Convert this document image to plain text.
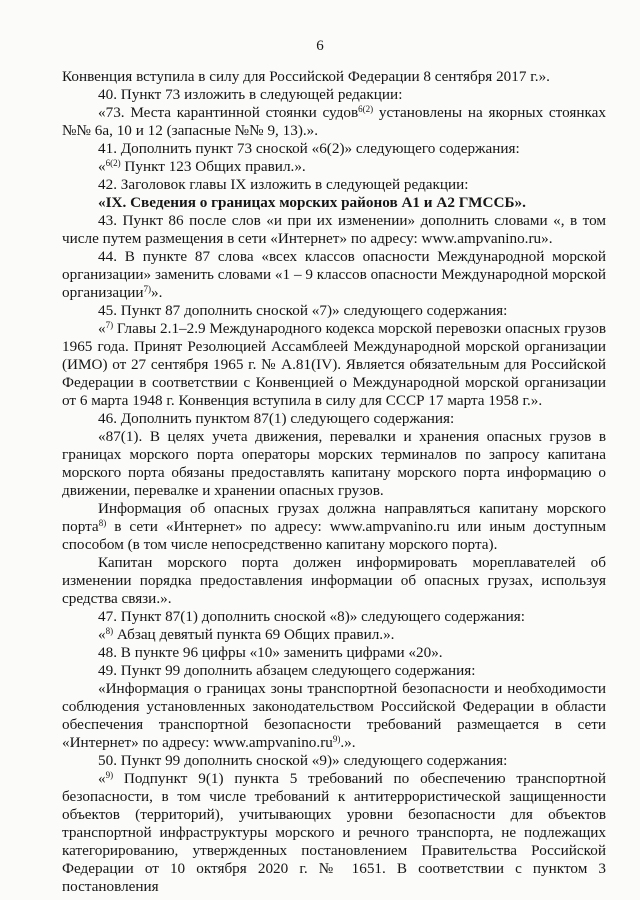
6

Конвенция вступила в силу для Российской Федерации 8 сентября 2017 г.».

40. Пункт 73 изложить в следующей редакции:

«73. Места карантинной стоянки судов$^{6(2)}$ установлены на якорных стоянках №№ 6а, 10 и 12 (запасные №№ 9, 13).».

41. Дополнить пункт 73 сноской «6(2)» следующего содержания:

«$^{6(2)}$ Пункт 123 Общих правил.».

42. Заголовок главы IX изложить в следующей редакции:

«IX. Сведения о границах морских районов А1 и А2 ГМССБ».

43. Пункт 86 после слов «и при их изменении» дополнить словами «, в том числе путем размещения в сети «Интернет» по адресу: www.ampvanino.ru».

44. В пункте 87 слова «всех классов опасности Международной морской организации» заменить словами «1 – 9 классов опасности Международной морской организации$^{7)}$».

45. Пункт 87 дополнить сноской «7)» следующего содержания:

«$^{7)}$ Главы 2.1–2.9 Международного кодекса морской перевозки опасных грузов 1965 года. Принят Резолюцией Ассамблеей Международной морской организации (ИМО) от 27 сентября 1965 г. № А.81(IV). Является обязательным для Российской Федерации в соответствии с Конвенцией о Международной морской организации от 6 марта 1948 г. Конвенция вступила в силу для СССР 17 марта 1958 г.».

46. Дополнить пунктом 87(1) следующего содержания:

«87(1). В целях учета движения, перевалки и хранения опасных грузов в границах морского порта операторы морских терминалов по запросу капитана морского порта обязаны предоставлять капитану морского порта информацию о движении, перевалке и хранении опасных грузов.

Информация об опасных грузах должна направляться капитану морского порта$^{8)}$ в сети «Интернет» по адресу: www.ampvanino.ru или иным доступным способом (в том числе непосредственно капитану морского порта).

Капитан морского порта должен информировать мореплавателей об изменении порядка предоставления информации об опасных грузах, используя средства связи.».

47. Пункт 87(1) дополнить сноской «8)» следующего содержания:

«$^{8)}$ Абзац девятый пункта 69 Общих правил.».

48. В пункте 96 цифры «10» заменить цифрами «20».

49. Пункт 99 дополнить абзацем следующего содержания:

«Информация о границах зоны транспортной безопасности и необходимости соблюдения установленных законодательством Российской Федерации в области обеспечения транспортной безопасности требований размещается в сети «Интернет» по адресу: $www.ampvanino.ru^{9)}$.».

50. Пункт 99 дополнить сноской «9)» следующего содержания:

«$^{9)}$ Подпункт 9(1) пункта 5 требований по обеспечению транспортной безопасности, в том числе требований к антитеррористической защищенности объектов (территорий), учитывающих уровни безопасности для объектов транспортной инфраструктуры морского и речного транспорта, не подлежащих категорированию, утвержденных постановлением Правительства Российской Федерации от 10 октября 2020 г. № 1651. В соответствии с пунктом 3 постановления
